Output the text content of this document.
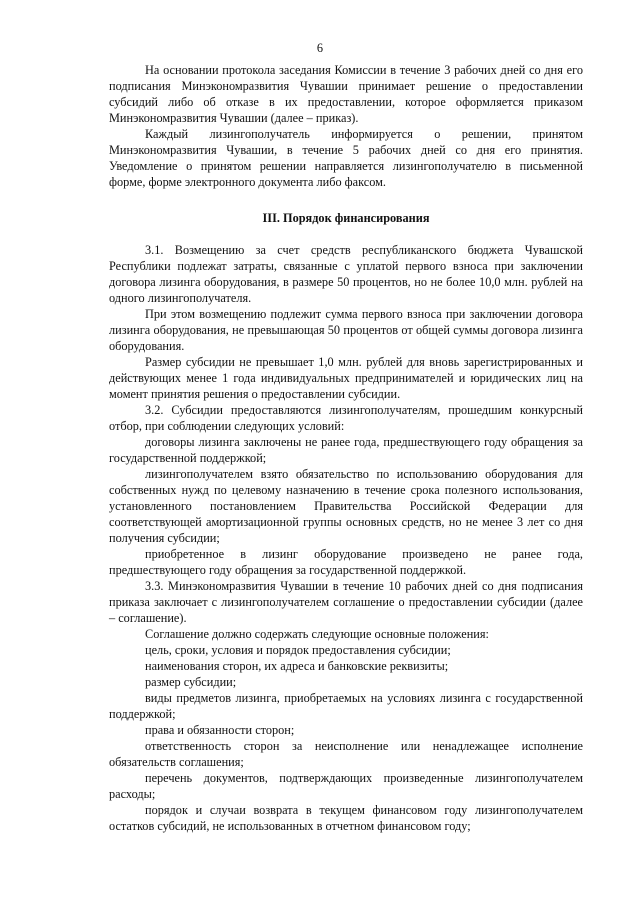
6

На основании протокола заседания Комиссии в течение 3 рабочих дней со дня его подписания Минэкономразвития Чувашии принимает решение о предоставлении субсидий либо об отказе в их предоставлении, которое оформляется приказом Минэкономразвития Чувашии (далее – приказ).

Каждый лизингополучатель информируется о решении, принятом Минэкономразвития Чувашии, в течение 5 рабочих дней со дня его принятия. Уведомление о принятом решении направляется лизингополучателю в письменной форме, форме электронного документа либо факсом.

III. Порядок финансирования

3.1. Возмещению за счет средств республиканского бюджета Чувашской Республики подлежат затраты, связанные с уплатой первого взноса при заключении договора лизинга оборудования, в размере 50 процентов, но не более 10,0 млн. рублей на одного лизингополучателя.

При этом возмещению подлежит сумма первого взноса при заключении договора лизинга оборудования, не превышающая 50 процентов от общей суммы договора лизинга оборудования.

Размер субсидии не превышает 1,0 млн. рублей для вновь зарегистрированных и действующих менее 1 года индивидуальных предпринимателей и юридических лиц на момент принятия решения о предоставлении субсидии.

3.2. Субсидии предоставляются лизингополучателям, прошедшим конкурсный отбор, при соблюдении следующих условий:

договоры лизинга заключены не ранее года, предшествующего году обращения за государственной поддержкой;

лизингополучателем взято обязательство по использованию оборудования для собственных нужд по целевому назначению в течение срока полезного использования, установленного постановлением Правительства Российской Федерации для соответствующей амортизационной группы основных средств, но не менее 3 лет со дня получения субсидии;

приобретенное в лизинг оборудование произведено не ранее года, предшествующего году обращения за государственной поддержкой.

3.3. Минэкономразвития Чувашии в течение 10 рабочих дней со дня подписания приказа заключает с лизингополучателем соглашение о предоставлении субсидии (далее – соглашение).

Соглашение должно содержать следующие основные положения:

цель, сроки, условия и порядок предоставления субсидии;

наименования сторон, их адреса и банковские реквизиты;

размер субсидии;

виды предметов лизинга, приобретаемых на условиях лизинга с государственной поддержкой;

права и обязанности сторон;

ответственность сторон за неисполнение или ненадлежащее исполнение обязательств соглашения;

перечень документов, подтверждающих произведенные лизингополучателем расходы;

порядок и случаи возврата в текущем финансовом году лизингополучателем остатков субсидий, не использованных в отчетном финансовом году;
